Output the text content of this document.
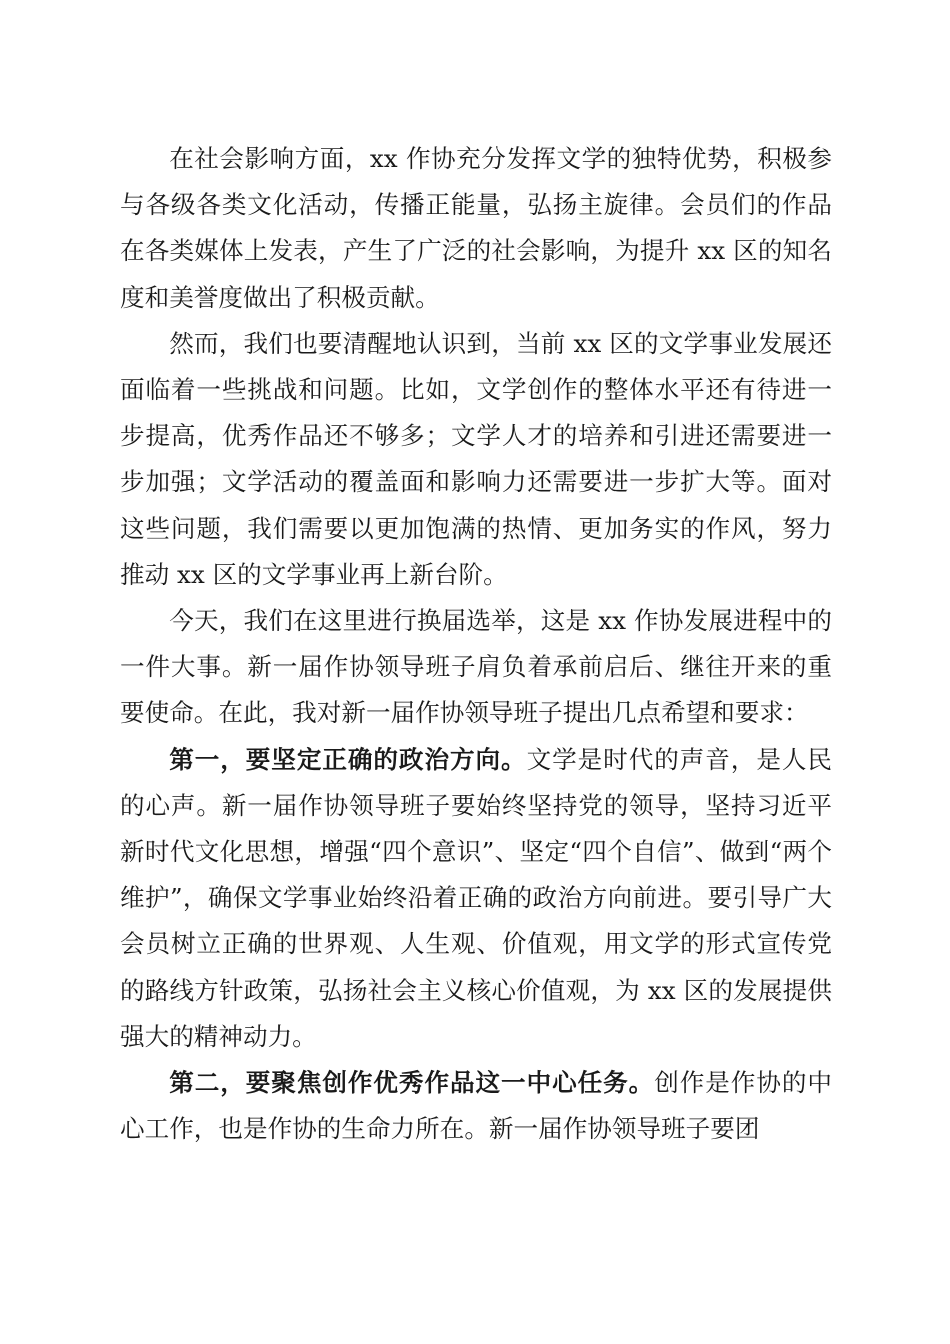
在社会影响方面，xx 作协充分发挥文学的独特优势，积极参与各级各类文化活动，传播正能量，弘扬主旋律。会员们的作品在各类媒体上发表，产生了广泛的社会影响，为提升 xx 区的知名度和美誉度做出了积极贡献。

然而，我们也要清醒地认识到，当前 xx 区的文学事业发展还面临着一些挑战和问题。比如，文学创作的整体水平还有待进一步提高，优秀作品还不够多；文学人才的培养和引进还需要进一步加强；文学活动的覆盖面和影响力还需要进一步扩大等。面对这些问题，我们需要以更加饱满的热情、更加务实的作风，努力推动 xx 区的文学事业再上新台阶。

今天，我们在这里进行换届选举，这是 xx 作协发展进程中的一件大事。新一届作协领导班子肩负着承前启后、继往开来的重要使命。在此，我对新一届作协领导班子提出几点希望和要求：

第一，要坚定正确的政治方向。文学是时代的声音，是人民的心声。新一届作协领导班子要始终坚持党的领导，坚持习近平新时代文化思想，增强“四个意识”、坚定“四个自信”、做到“两个维护”，确保文学事业始终沿着正确的政治方向前进。要引导广大会员树立正确的世界观、人生观、价值观，用文学的形式宣传党的路线方针政策，弘扬社会主义核心价值观，为 xx 区的发展提供强大的精神动力。

第二，要聚焦创作优秀作品这一中心任务。创作是作协的中心工作，也是作协的生命力所在。新一届作协领导班子要团
